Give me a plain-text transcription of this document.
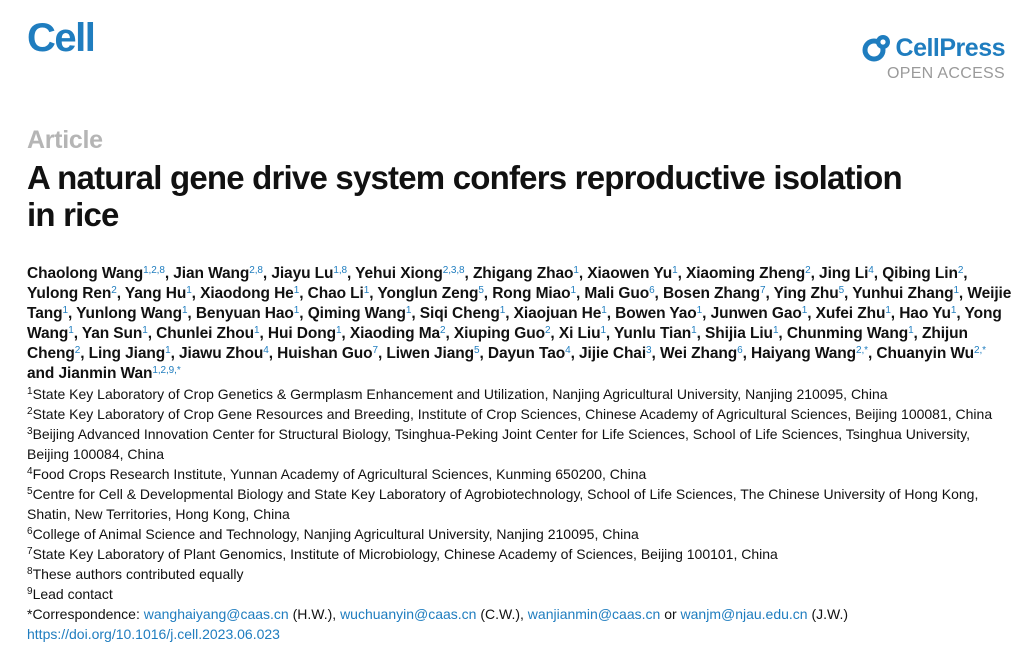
Cell	CellPress
OPEN ACCESS
Article
A natural gene drive system confers reproductive isolation in rice
Chaolong Wang$^{1,2,8}$, Jian Wang$^{2,8}$, Jiayu Lu$^{1,8}$, Yehui Xiong$^{2,3,8}$, Zhigang Zhao$^1$, Xiaowen Yu$^1$, Xiaoming Zheng$^2$, Jing Li$^4$, Qibing Lin$^2$, Yulong Ren$^2$, Yang Hu$^1$, Xiaodong He$^1$, Chao Li$^1$, Yonglun Zeng$^5$, Rong Miao$^1$, Mali Guo$^6$, Bosen Zhang$^7$, Ying Zhu$^5$, Yunhui Zhang$^1$, Weijie Tang$^1$, Yunlong Wang$^1$, Benyuan Hao$^1$, Qiming Wang$^1$, Siqi Cheng$^1$, Xiaojuan He$^1$, Bowen Yao$^1$, Junwen Gao$^1$, Xufei Zhu$^1$, Hao Yu$^1$, Yong Wang$^1$, Yan Sun$^1$, Chunlei Zhou$^1$, Hui Dong$^1$, Xiaoding Ma$^2$, Xiuping Guo$^2$, Xi Liu$^1$, Yunlu Tian$^1$, Shijia Liu$^1$, Chunming Wang$^1$, Zhijun Cheng$^2$, Ling Jiang$^1$, Jiawu Zhou$^4$, Huishan Guo$^7$, Liwen Jiang$^5$, Dayun Tao$^4$, Jijie Chai$^3$, Wei Zhang$^6$, Haiyang Wang$^{2,*}$, Chuanyin $Wu^{2,*}$ and Jianmin Wan$^{1,2,9,*}$

$^1$State Key Laboratory of Crop Genetics & Germplasm Enhancement and Utilization, Nanjing Agricultural University, Nanjing 210095, China

$^2$State Key Laboratory of Crop Gene Resources and Breeding, Institute of Crop Sciences, Chinese Academy of Agricultural Sciences, Beijing 100081, China

$^3$Beijing Advanced Innovation Center for Structural Biology, Tsinghua-Peking Joint Center for Life Sciences, School of Life Sciences, Tsinghua University, Beijing 100084, China

$^4$Food Crops Research Institute, Yunnan Academy of Agricultural Sciences, Kunming 650200, China

$^5$Centre for Cell & Developmental Biology and State Key Laboratory of Agrobiotechnology, School of Life Sciences, The Chinese University of Hong Kong, Shatin, New Territories, Hong Kong, China

$^6$College of Animal Science and Technology, Nanjing Agricultural University, Nanjing 210095, China

$^7$State Key Laboratory of Plant Genomics, Institute of Microbiology, Chinese Academy of Sciences, Beijing 100101, China

$^8$These authors contributed equally

$^9$Lead contact

*Correspondence: wanghaiyang@caas.cn (H.W.), wuchuanyin@caas.cn (C.W.), wanjianmin@caas.cn or wanjm@njau.edu.cn (J.W.)

https://doi.org/10.1016/j.cell.2023.06.023
